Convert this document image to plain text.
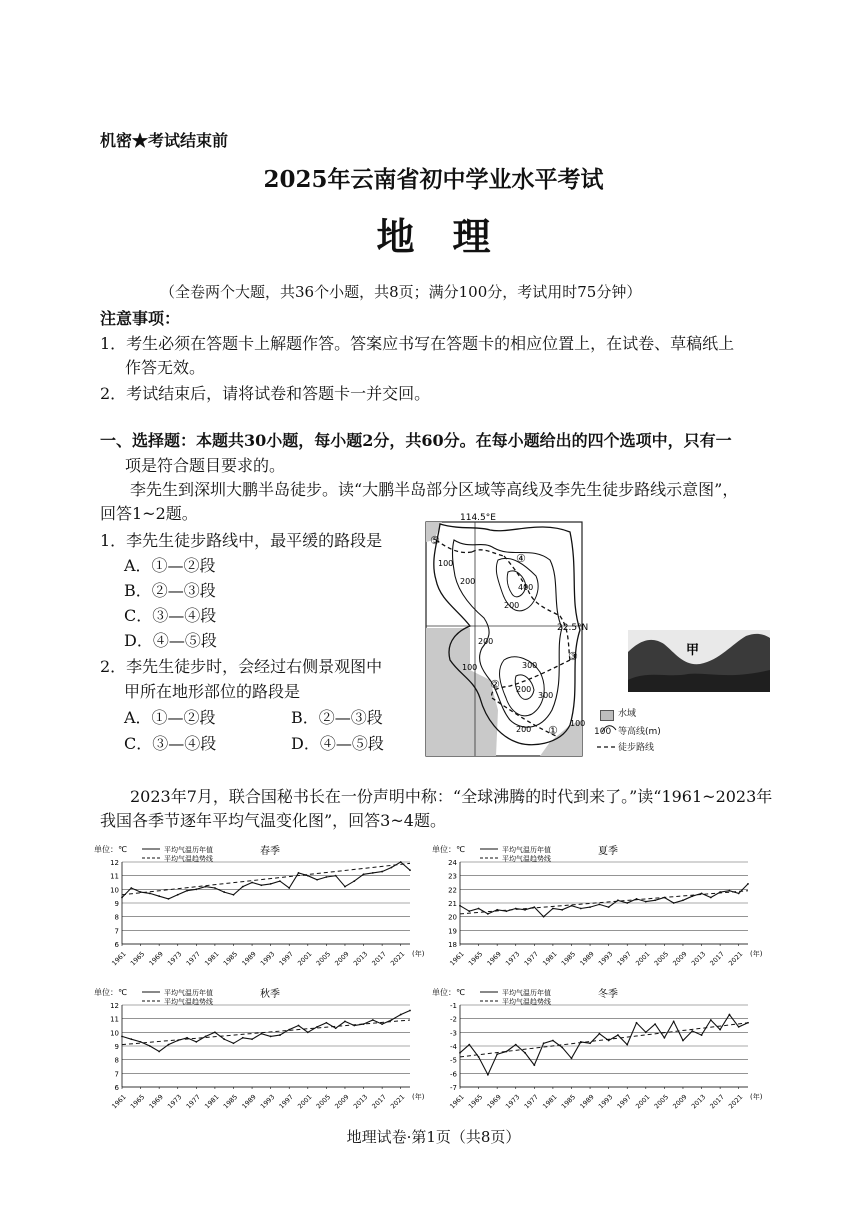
机密★考试结束前
2025年云南省初中学业水平考试
地　理
（全卷两个大题，共36个小题，共8页；满分100分，考试用时75分钟）
注意事项：
1．考生必须在答题卡上解题作答。答案应书写在答题卡的相应位置上，在试卷、草稿纸上
作答无效。
2．考试结束后，请将试卷和答题卡一并交回。
一、选择题：本题共30小题，每小题2分，共60分。在每小题给出的四个选项中，只有一
项是符合题目要求的。
李先生到深圳大鹏半岛徒步。读“大鹏半岛部分区域等高线及李先生徒步路线示意图”，
回答1~2题。
1．李先生徒步路线中，最平缓的路段是
A．①—②段
B．②—③段
C．③—④段
D．④—⑤段
2．李先生徒步时，会经过右侧景观图中
甲所在地形部位的路段是
A．①—②段	B．②—③段
C．③—④段	D．④—⑤段
114.5°E
22.5°N
100
200
200
200
100
400
300
200
300
200
100
⑤
④
③
②
①
甲
水域
100 等高线(m)
徒步路线
2023年7月，联合国秘书长在一份声明中称：“全球沸腾的时代到来了。”读“1961~2023年
我国各季节逐年平均气温变化图”，回答3~4题。
单位：℃	春季
平均气温历年值
平均气温趋势线
6
7
8
9
10
11
12
1961 1965 1969 1973 1977 1981 1985 1989 1993 1997 2001 2005 2009 2013 2017 2021 (年)
单位：℃	夏季
平均气温历年值
平均气温趋势线
18
19
20
21
22
23
24
1961 1965 1969 1973 1977 1981 1985 1989 1993 1997 2001 2005 2009 2013 2017 2021 (年)
单位：℃	秋季
平均气温历年值
平均气温趋势线
6
7
8
9
10
11
12
1961 1965 1969 1973 1977 1981 1985 1989 1993 1997 2001 2005 2009 2013 2017 2021 (年)
单位：℃	冬季
平均气温历年值
平均气温趋势线
-7
-6
-5
-4
-3
-2
-1
1961 1965 1969 1973 1977 1981 1985 1989 1993 1997 2001 2005 2009 2013 2017 2021 (年)
地理试卷·第1页（共8页）
